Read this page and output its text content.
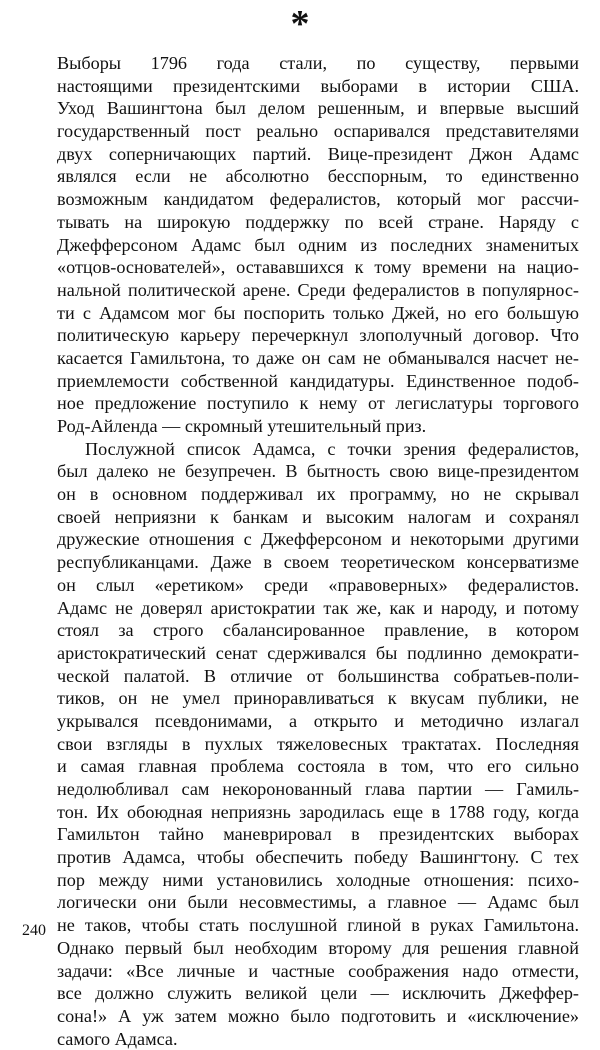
*
Выборы 1796 года стали, по существу, первыми
настоящими президентскими выборами в истории США.
Уход Вашингтона был делом решенным, и впервые высший
государственный пост реально оспаривался представителями
двух соперничающих партий. Вице-президент Джон Адамс
являлся если не абсолютно бесспорным, то единственно
возможным кандидатом федералистов, который мог рассчи-
тывать на широкую поддержку по всей стране. Наряду с
Джефферсоном Адамс был одним из последних знаменитых
«отцов-основателей», остававшихся к тому времени на нацио-
нальной политической арене. Среди федералистов в популярнос-
ти с Адамсом мог бы поспорить только Джей, но его большую
политическую карьеру перечеркнул злополучный договор. Что
касается Гамильтона, то даже он сам не обманывался насчет не-
приемлемости собственной кандидатуры. Единственное подоб-
ное предложение поступило к нему от легислатуры торгового
Род-Айленда — скромный утешительный приз.
Послужной список Адамса, с точки зрения федералистов,
был далеко не безупречен. В бытность свою вице-президентом
он в основном поддерживал их программу, но не скрывал
своей неприязни к банкам и высоким налогам и сохранял
дружеские отношения с Джефферсоном и некоторыми другими
республиканцами. Даже в своем теоретическом консерватизме
он слыл «еретиком» среди «правоверных» федералистов.
Адамс не доверял аристократии так же, как и народу, и потому
стоял за строго сбалансированное правление, в котором
аристократический сенат сдерживался бы подлинно демократи-
ческой палатой. В отличие от большинства собратьев-поли-
тиков, он не умел приноравливаться к вкусам публики, не
укрывался псевдонимами, а открыто и методично излагал
свои взгляды в пухлых тяжеловесных трактатах. Последняя
и самая главная проблема состояла в том, что его сильно
недолюбливал сам некоронованный глава партии — Гамиль-
тон. Их обоюдная неприязнь зародилась еще в 1788 году, когда
Гамильтон тайно маневрировал в президентских выборах
против Адамса, чтобы обеспечить победу Вашингтону. С тех
пор между ними установились холодные отношения: психо-
логически они были несовместимы, а главное — Адамс был
не таков, чтобы стать послушной глиной в руках Гамильтона.
Однако первый был необходим второму для решения главной
задачи: «Все личные и частные соображения надо отмести,
все должно служить великой цели — исключить Джеффер-
сона!» А уж затем можно было подготовить и «исключение»
самого Адамса.
240
